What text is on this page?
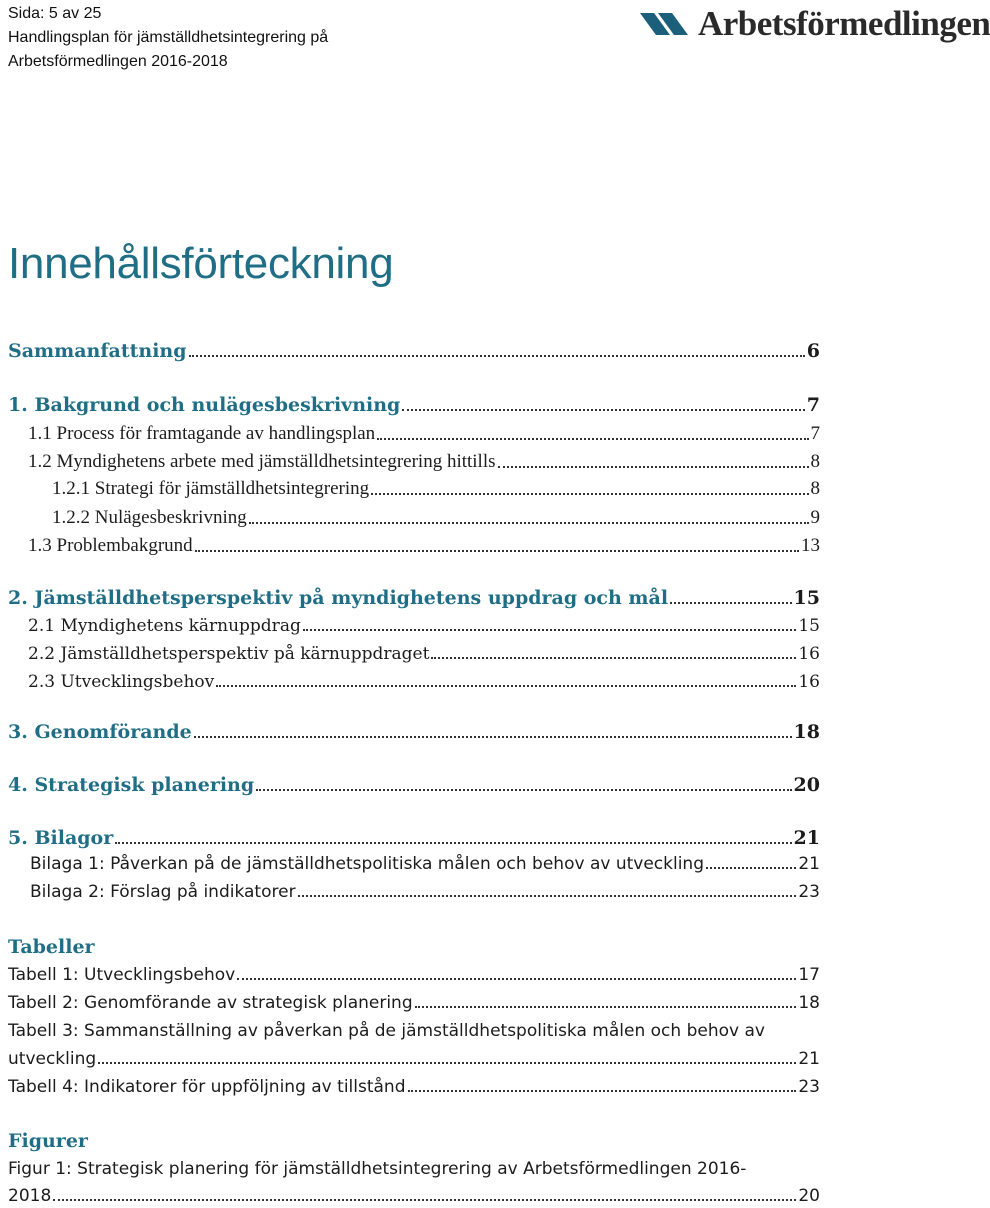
Sida: 5 av 25
Handlingsplan för jämställdhetsintegrering på
Arbetsförmedlingen 2016-2018
Arbetsförmedlingen
Innehållsförteckning
Sammanfattning	6
1. Bakgrund och nulägesbeskrivning	7
1.1 Process för framtagande av handlingsplan	7
1.2 Myndighetens arbete med jämställdhetsintegrering hittills	8
1.2.1 Strategi för jämställdhetsintegrering	8
1.2.2 Nulägesbeskrivning	9
1.3 Problembakgrund	13
2. Jämställdhetsperspektiv på myndighetens uppdrag och mål	15
2.1 Myndighetens kärnuppdrag	15
2.2 Jämställdhetsperspektiv på kärnuppdraget	16
2.3 Utvecklingsbehov	16
3. Genomförande	18
4. Strategisk planering	20
5. Bilagor	21
Bilaga 1: Påverkan på de jämställdhetspolitiska målen och behov av utveckling	21
Bilaga 2: Förslag på indikatorer	23
Tabeller
Tabell 1: Utvecklingsbehov	17
Tabell 2: Genomförande av strategisk planering	18
Tabell 3: Sammanställning av påverkan på de jämställdhetspolitiska målen och behov av
utveckling	21
Tabell 4: Indikatorer för uppföljning av tillstånd	23
Figurer
Figur 1: Strategisk planering för jämställdhetsintegrering av Arbetsförmedlingen 2016-
2018	20
